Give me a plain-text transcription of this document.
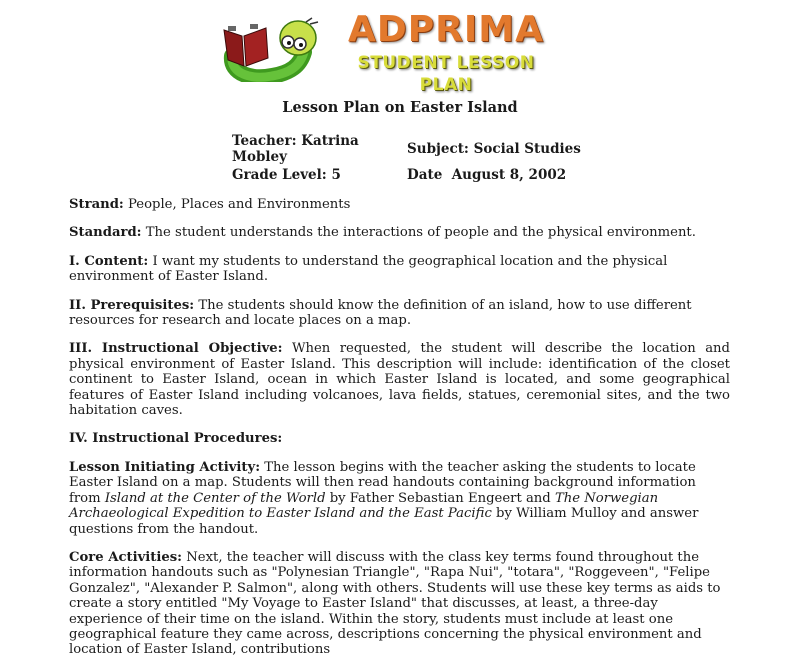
ADPRIMA
STUDENT LESSON PLAN
Lesson Plan on Easter Island
Teacher: Katrina Mobley	Subject: Social Studies
Grade Level: 5	Date August 8, 2002

Strand: People, Places and Environments

Standard: The student understands the interactions of people and the physical environment.

I. Content: I want my students to understand the geographical location and the physical environment of Easter Island.

II. Prerequisites: The students should know the definition of an island, how to use different resources for research and locate places on a map.

III. Instructional Objective: When requested, the student will describe the location and physical environment of Easter Island. This description will include: identification of the closet continent to Easter Island, ocean in which Easter Island is located, and some geographical features of Easter Island including volcanoes, lava fields, statues, ceremonial sites, and the two habitation caves.

IV. Instructional Procedures:

Lesson Initiating Activity: The lesson begins with the teacher asking the students to locate Easter Island on a map. Students will then read handouts containing background information from Island at the Center of the World by Father Sebastian Engeert and The Norwegian Archaeological Expedition to Easter Island and the East Pacific by William Mulloy and answer questions from the handout.

Core Activities: Next, the teacher will discuss with the class key terms found throughout the information handouts such as "Polynesian Triangle", "Rapa Nui", "totara", "Roggeveen", "Felipe Gonzalez", "Alexander P. Salmon", along with others. Students will use these key terms as aids to create a story entitled "My Voyage to Easter Island" that discusses, at least, a three-day experience of their time on the island. Within the story, students must include at least one geographical feature they came across, descriptions concerning the physical environment and location of Easter Island, contributions
